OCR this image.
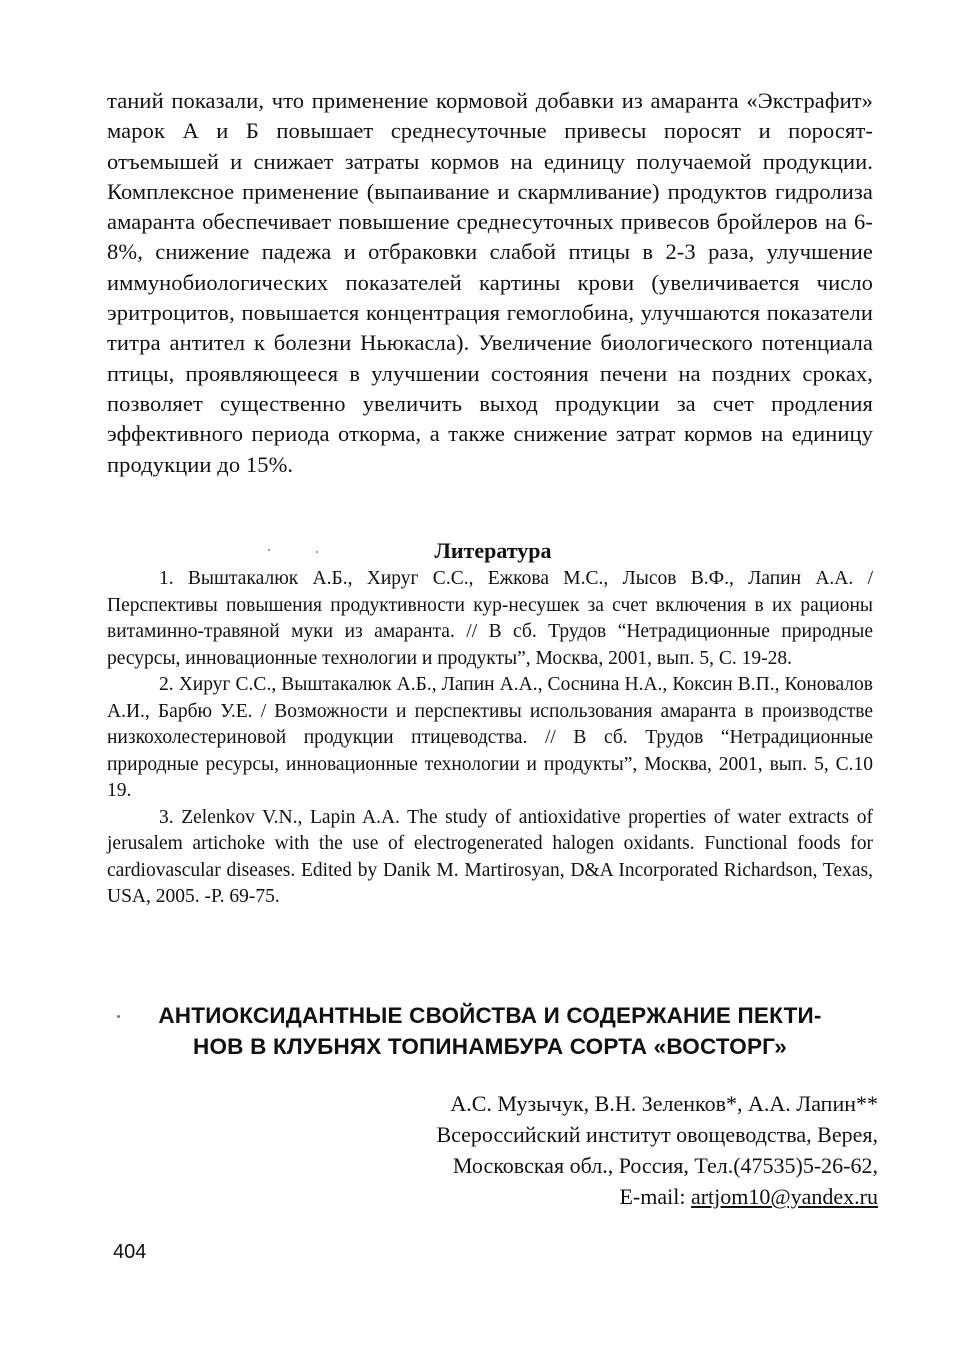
таний показали, что применение кормовой добавки из амаранта «Экстрафит» марок А и Б повышает среднесуточные привесы поросят и поросят-отъемышей и снижает затраты кормов на единицу получаемой продукции. Комплексное применение (выпаивание и скармливание) продуктов гидролиза амаранта обеспечивает повышение среднесуточных привесов бройлеров на 6-8%, снижение падежа и отбраковки слабой птицы в 2-3 раза, улучшение иммунобиологических показателей картины крови (увеличивается число эритроцитов, повышается концентрация гемоглобина, улучшаются показатели титра антител к болезни Ньюкасла). Увеличение биологического потенциала птицы, проявляющееся в улучшении состояния печени на поздних сроках, позволяет существенно увеличить выход продукции за счет продления эффективного периода откорма, а также снижение затрат кормов на единицу продукции до 15%.

Литература
1. Выштакалюк А.Б., Хируг С.С., Ежкова М.С., Лысов В.Ф., Лапин А.А. / Перспективы повышения продуктивности кур-несушек за счет включения в их рационы витаминно-травяной муки из амаранта. // В сб. Трудов “Нетрадиционные природные ресурсы, инновационные технологии и продукты”, Москва, 2001, вып. 5, С. 19-28.
2. Хируг С.С., Выштакалюк А.Б., Лапин А.А., Соснина Н.А., Коксин В.П., Коновалов А.И., Барбю У.Е. / Возможности и перспективы использования амаранта в производстве низкохолестериновой продукции птицеводства. // В сб. Трудов “Нетрадиционные природные ресурсы, инновационные технологии и продукты”, Москва, 2001, вып. 5, С.10 19.
3. Zelenkov V.N., Lapin A.A. The study of antioxidative properties of water extracts of jerusalem artichoke with the use of electrogenerated halogen oxidants. Functional foods for cardiovascular diseases. Edited by Danik M. Martirosyan, D&A Incorporated Richardson, Texas, USA, 2005. -P. 69-75.
АНТИОКСИДАНТНЫЕ СВОЙСТВА И СОДЕРЖАНИЕ ПЕКТИ-
НОВ В КЛУБНЯХ ТОПИНАМБУРА СОРТА «ВОСТОРГ»
А.С. Музычук, В.Н. Зеленков*, А.А. Лапин**
Всероссийский институт овощеводства, Верея,
Московская обл., Россия, Тел.(47535)5-26-62,
E-mail: artjom10@yandex.ru
404
